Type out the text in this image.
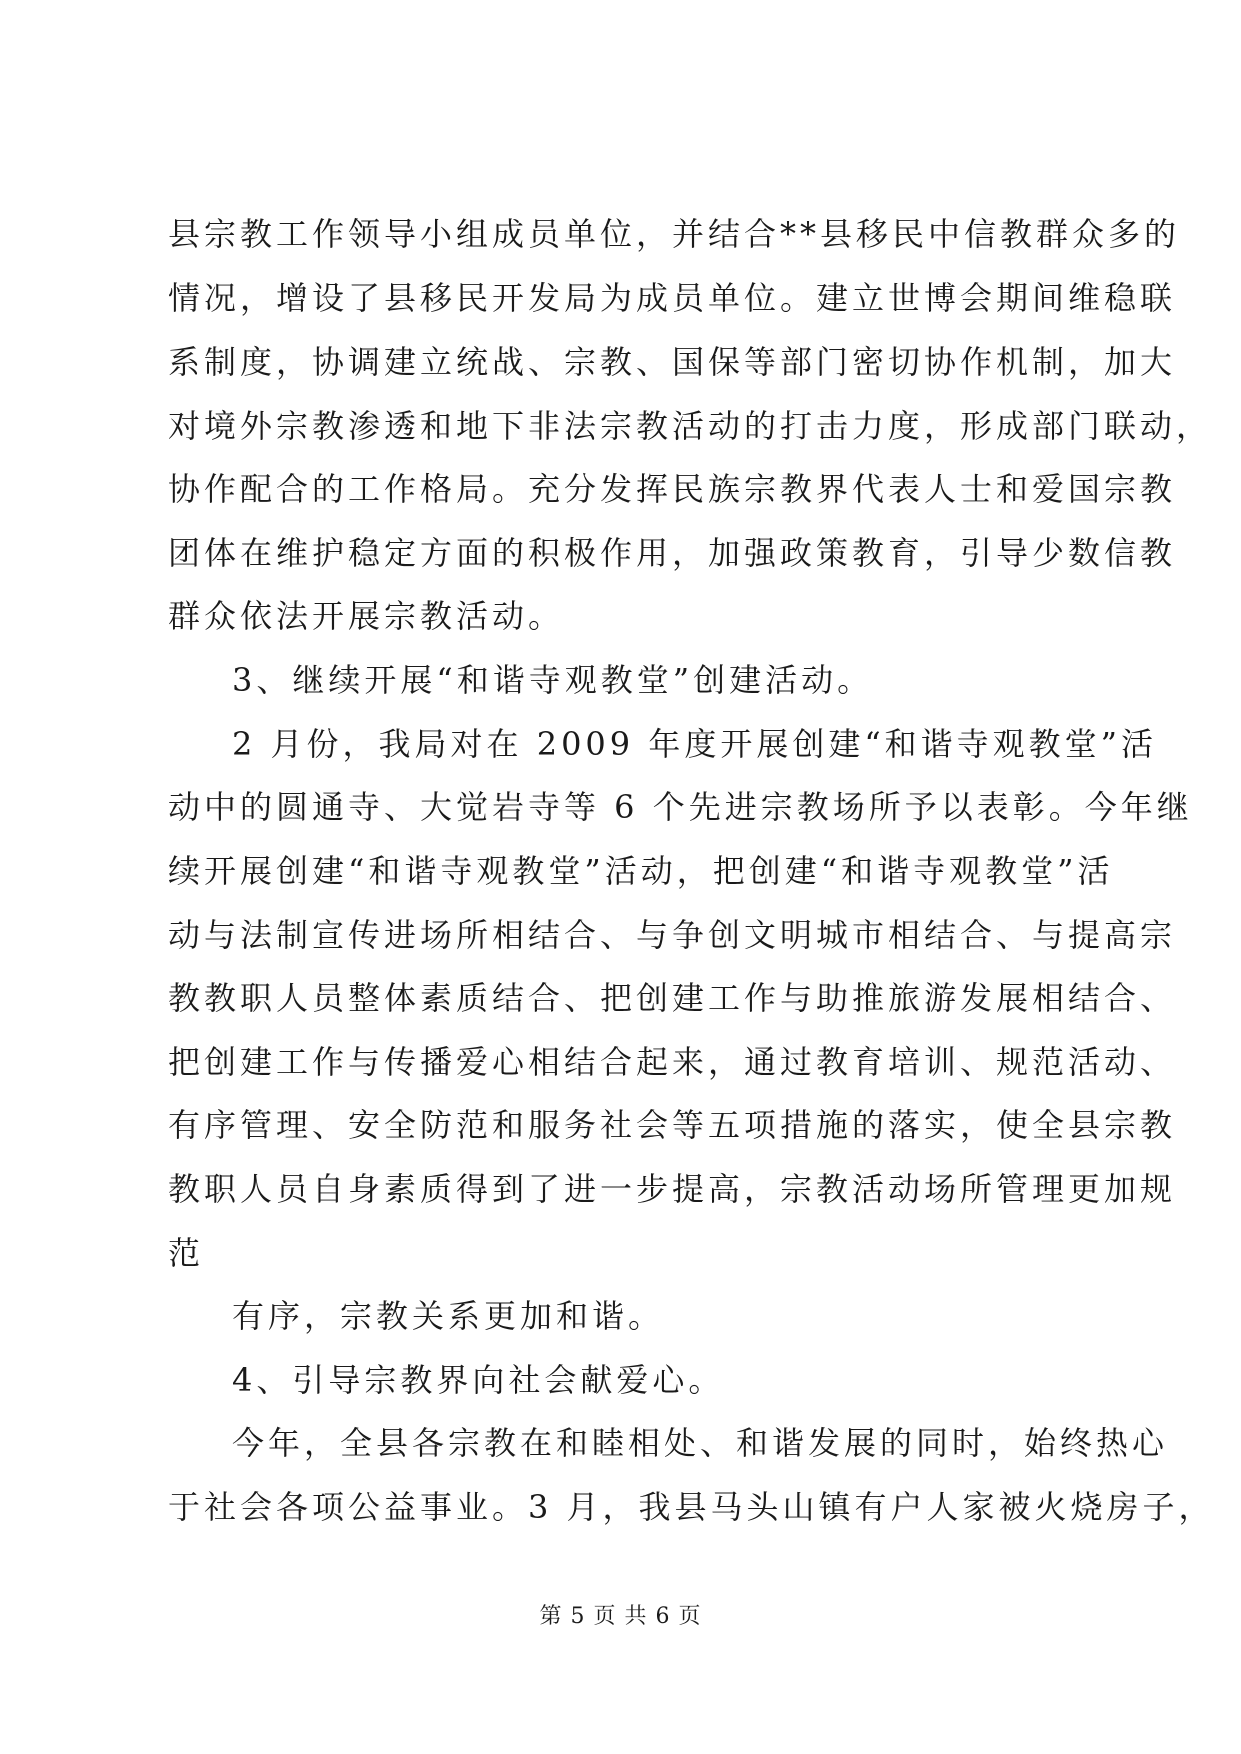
县宗教工作领导小组成员单位，并结合**县移民中信教群众多的
情况，增设了县移民开发局为成员单位。建立世博会期间维稳联
系制度，协调建立统战、宗教、国保等部门密切协作机制，加大
对境外宗教渗透和地下非法宗教活动的打击力度，形成部门联动，
协作配合的工作格局。充分发挥民族宗教界代表人士和爱国宗教
团体在维护稳定方面的积极作用，加强政策教育，引导少数信教
群众依法开展宗教活动。
3、继续开展“和谐寺观教堂”创建活动。
2 月份，我局对在 2009 年度开展创建“和谐寺观教堂”活
动中的圆通寺、大觉岩寺等 6 个先进宗教场所予以表彰。今年继
续开展创建“和谐寺观教堂”活动，把创建“和谐寺观教堂”活
动与法制宣传进场所相结合、与争创文明城市相结合、与提高宗
教教职人员整体素质结合、把创建工作与助推旅游发展相结合、
把创建工作与传播爱心相结合起来，通过教育培训、规范活动、
有序管理、安全防范和服务社会等五项措施的落实，使全县宗教
教职人员自身素质得到了进一步提高，宗教活动场所管理更加规
范
有序，宗教关系更加和谐。
4、引导宗教界向社会献爱心。
今年，全县各宗教在和睦相处、和谐发展的同时，始终热心
于社会各项公益事业。3 月，我县马头山镇有户人家被火烧房子，
第 5 页 共 6 页
